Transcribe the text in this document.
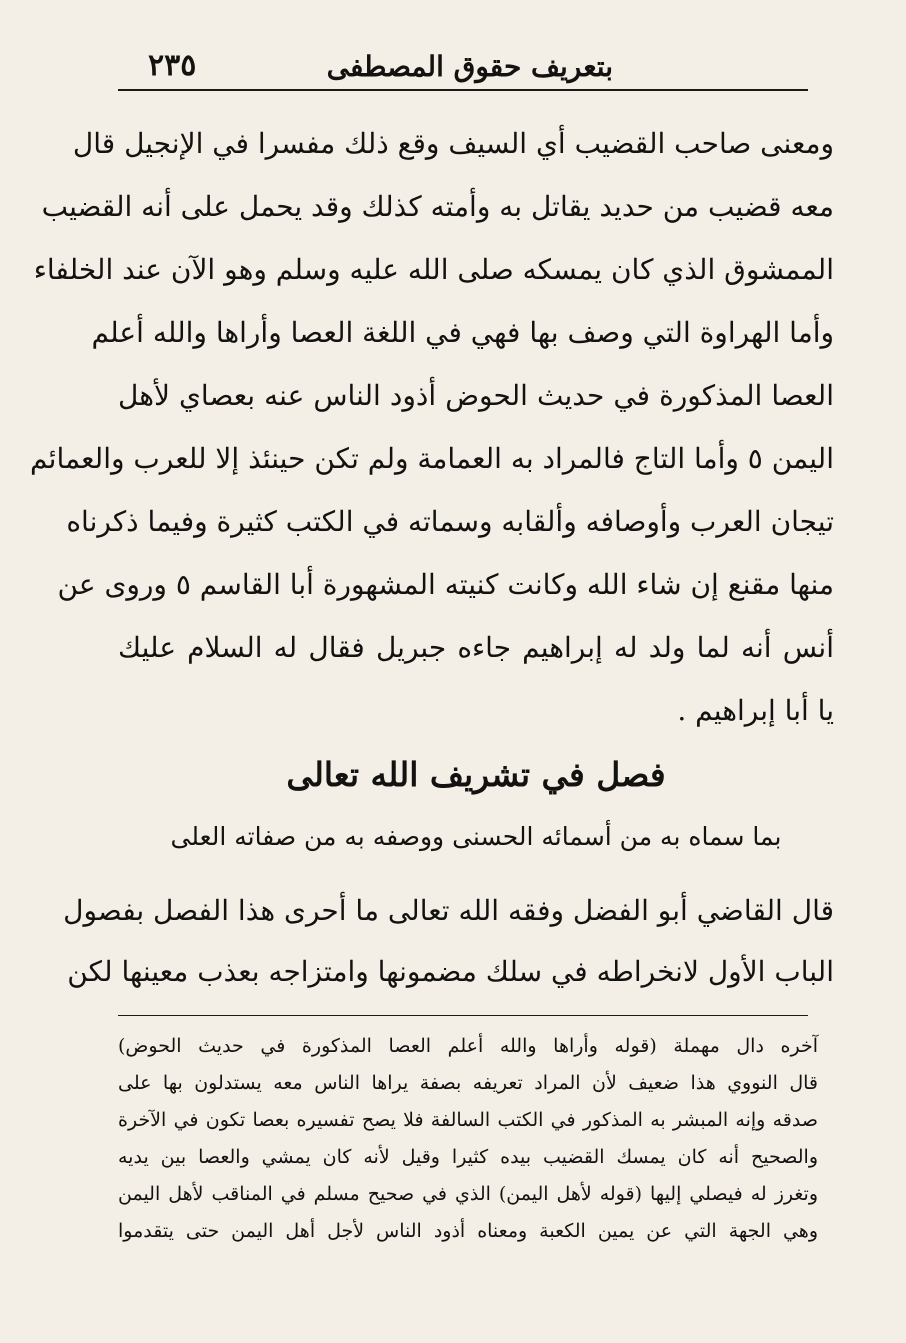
بتعريف حقوق المصطفى
٢٣٥
ومعنى صاحب القضيب أي السيف وقع ذلك مفسرا في الإنجيل قال
معه قضيب من حديد يقاتل به وأمته كذلك وقد يحمل على أنه القضيب
الممشوق الذي كان يمسكه صلى الله عليه وسلم وهو الآن عند الخلفاء
وأما الهراوة التي وصف بها فهي في اللغة العصا وأراها والله أعلم
العصا المذكورة في حديث الحوض أذود الناس عنه بعصاي لأهل
اليمن ٥ وأما التاج فالمراد به العمامة ولم تكن حينئذ إلا للعرب والعمائم
تيجان العرب وأوصافه وألقابه وسماته في الكتب كثيرة وفيما ذكرناه
منها مقنع إن شاء الله وكانت كنيته المشهورة أبا القاسم ٥ وروى عن
أنس أنه لما ولد له إبراهيم جاءه جبريل فقال له السلام عليك
يا أبا إبراهيم .
فصل في تشريف الله تعالى
بما سماه به من أسمائه الحسنى ووصفه به من صفاته العلى
قال القاضي أبو الفضل وفقه الله تعالى ما أحرى هذا الفصل بفصول
الباب الأول لانخراطه في سلك مضمونها وامتزاجه بعذب معينها لكن
آخره دال مهملة (قوله وأراها والله أعلم العصا المذكورة في حديث الحوض)
قال النووي هذا ضعيف لأن المراد تعريفه بصفة يراها الناس معه يستدلون بها على
صدقه وإنه المبشر به المذكور في الكتب السالفة فلا يصح تفسيره بعصا تكون في الآخرة
والصحيح أنه كان يمسك القضيب بيده كثيرا وقيل لأنه كان يمشي والعصا بين يديه
وتغرز له فيصلي إليها (قوله لأهل اليمن) الذي في صحيح مسلم في المناقب لأهل اليمن
وهي الجهة التي عن يمين الكعبة ومعناه أذود الناس لأجل أهل اليمن حتى يتقدموا
